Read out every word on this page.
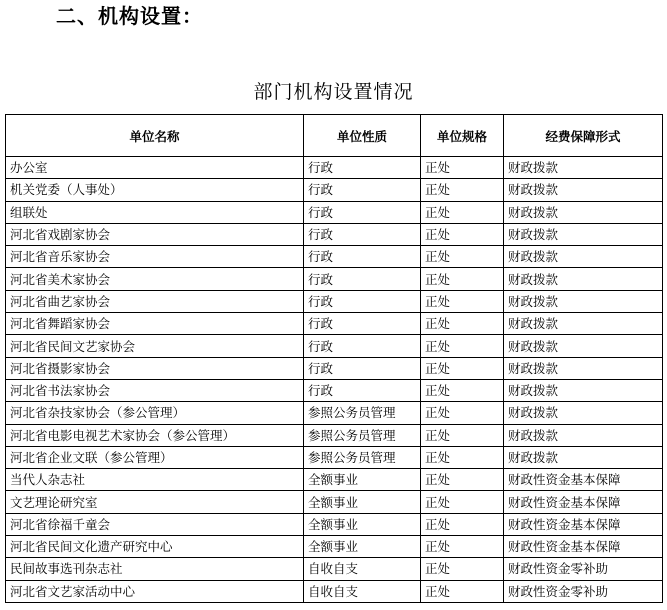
二、机构设置：
部门机构设置情况
单位名称	单位性质	单位规格	经费保障形式
办公室	行政	正处	财政拨款
机关党委（人事处）	行政	正处	财政拨款
组联处	行政	正处	财政拨款
河北省戏剧家协会	行政	正处	财政拨款
河北省音乐家协会	行政	正处	财政拨款
河北省美术家协会	行政	正处	财政拨款
河北省曲艺家协会	行政	正处	财政拨款
河北省舞蹈家协会	行政	正处	财政拨款
河北省民间文艺家协会	行政	正处	财政拨款
河北省摄影家协会	行政	正处	财政拨款
河北省书法家协会	行政	正处	财政拨款
河北省杂技家协会（参公管理）	参照公务员管理	正处	财政拨款
河北省电影电视艺术家协会（参公管理）	参照公务员管理	正处	财政拨款
河北省企业文联（参公管理）	参照公务员管理	正处	财政拨款
当代人杂志社	全额事业	正处	财政性资金基本保障
文艺理论研究室	全额事业	正处	财政性资金基本保障
河北省徐福千童会	全额事业	正处	财政性资金基本保障
河北省民间文化遗产研究中心	全额事业	正处	财政性资金基本保障
民间故事选刊杂志社	自收自支	正处	财政性资金零补助
河北省文艺家活动中心	自收自支	正处	财政性资金零补助
